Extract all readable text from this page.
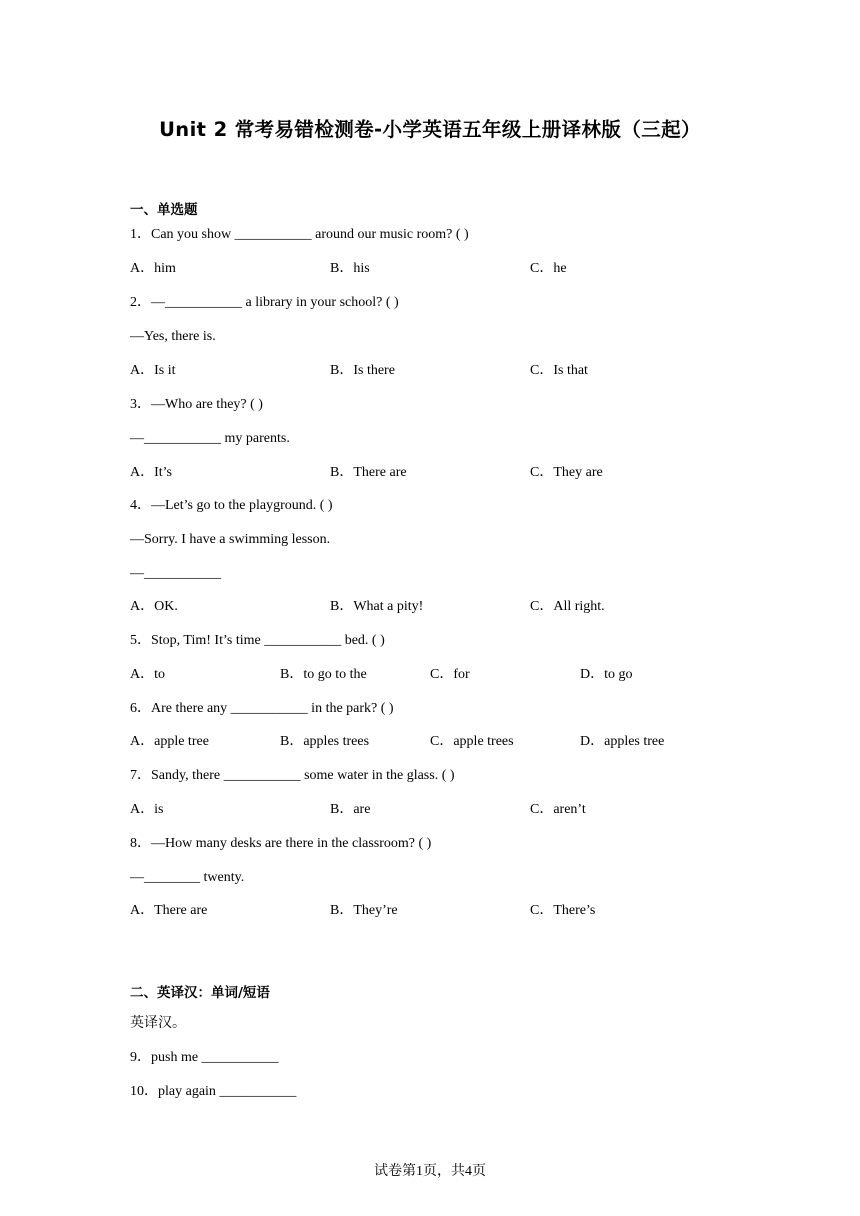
Unit 2 常考易错检测卷-小学英语五年级上册译林版（三起）
一、单选题
1．Can you show ___________ around our music room? ( )
A．him	B．his	C．he
2．—___________ a library in your school? ( )
—Yes, there is.
A．Is it	B．Is there	C．Is that
3．—Who are they? ( )
—___________ my parents.
A．It’s	B．There are	C．They are
4．—Let’s go to the playground. ( )
—Sorry. I have a swimming lesson.
—___________
A．OK.	B．What a pity!	C．All right.
5．Stop, Tim! It’s time ___________ bed. ( )
A．to	B．to go to the	C．for	D．to go
6．Are there any ___________ in the park? ( )
A．apple tree	B．apples trees	C．apple trees	D．apples tree
7．Sandy, there ___________ some water in the glass. ( )
A．is	B．are	C．aren’t
8．—How many desks are there in the classroom? ( )
—________ twenty.
A．There are	B．They’re	C．There’s
二、英译汉：单词/短语
英译汉。
9．push me ___________
10．play again ___________
试卷第1页，共4页
